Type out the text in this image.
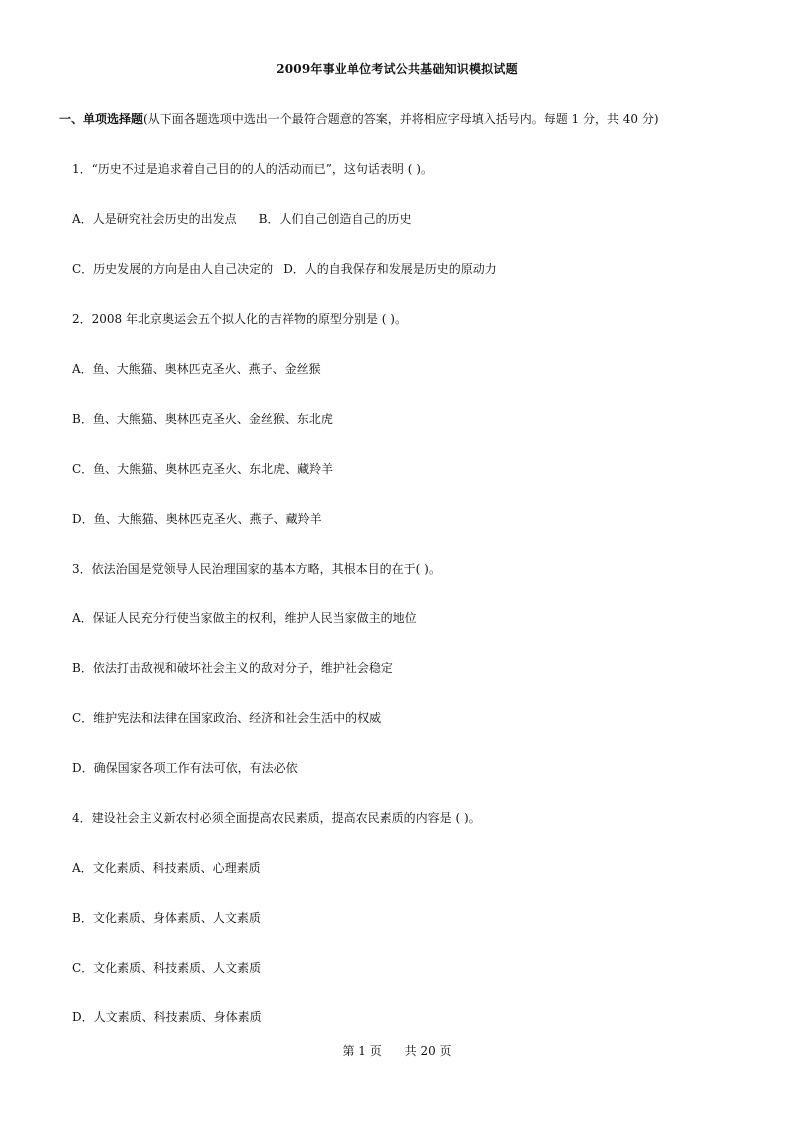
2009年事业单位考试公共基础知识模拟试题
一、单项选择题(从下面各题选项中选出一个最符合题意的答案，并将相应字母填入括号内。每题 1 分，共 40 分)
1．“历史不过是追求着自己目的的人的活动而已”，这句话表明 ( )。
A．人是研究社会历史的出发点 B．人们自己创造自己的历史
C．历史发展的方向是由人自己决定的 D．人的自我保存和发展是历史的原动力
2．2008 年北京奥运会五个拟人化的吉祥物的原型分别是 ( )。
A．鱼、大熊猫、奥林匹克圣火、燕子、金丝猴
B．鱼、大熊猫、奥林匹克圣火、金丝猴、东北虎
C．鱼、大熊猫、奥林匹克圣火、东北虎、藏羚羊
D．鱼、大熊猫、奥林匹克圣火、燕子、藏羚羊
3．依法治国是党领导人民治理国家的基本方略，其根本目的在于( )。
A．保证人民充分行使当家做主的权利，维护人民当家做主的地位
B．依法打击敌视和破坏社会主义的敌对分子，维护社会稳定
C．维护宪法和法律在国家政治、经济和社会生活中的权威
D．确保国家各项工作有法可依，有法必依
4．建设社会主义新农村必须全面提高农民素质，提高农民素质的内容是 ( )。
A．文化素质、科技素质、心理素质
B．文化素质、身体素质、人文素质
C．文化素质、科技素质、人文素质
D．人文素质、科技素质、身体素质
第 1 页 共 20 页
